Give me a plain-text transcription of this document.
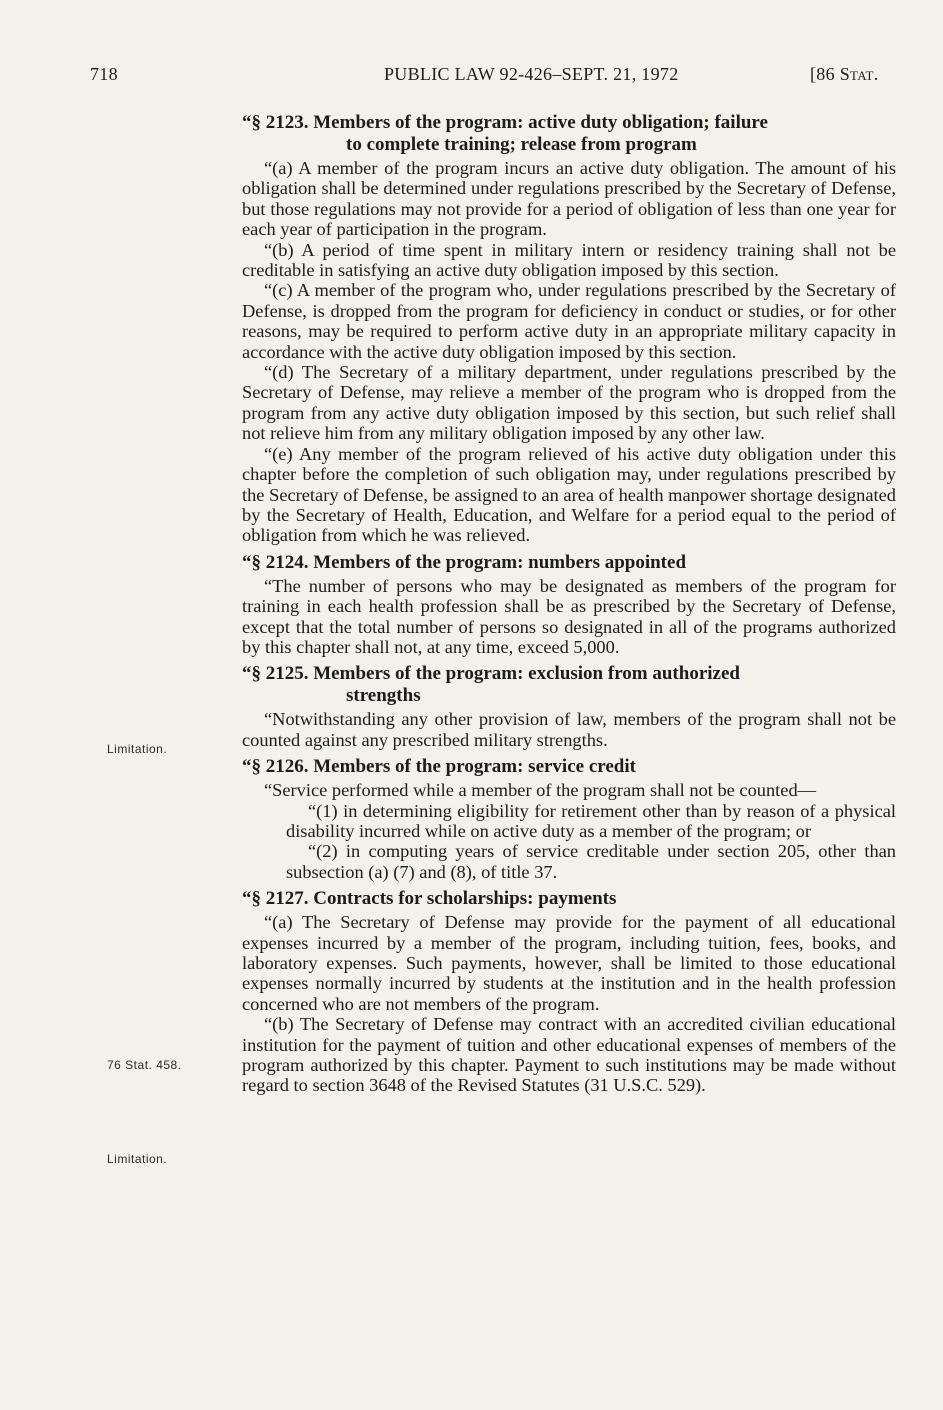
718	PUBLIC LAW 92-426–SEPT. 21, 1972	[86 Stat.
Limitation.
76 Stat. 458.
Limitation.
“§ 2123. Members of the program: active duty obligation; failure
to complete training; release from program

“(a) A member of the program incurs an active duty obligation. The amount of his obligation shall be determined under regulations prescribed by the Secretary of Defense, but those regulations may not provide for a period of obligation of less than one year for each year of participation in the program.

“(b) A period of time spent in military intern or residency training shall not be creditable in satisfying an active duty obligation imposed by this section.

“(c) A member of the program who, under regulations prescribed by the Secretary of Defense, is dropped from the program for deficiency in conduct or studies, or for other reasons, may be required to perform active duty in an appropriate military capacity in accordance with the active duty obligation imposed by this section.

“(d) The Secretary of a military department, under regulations prescribed by the Secretary of Defense, may relieve a member of the program who is dropped from the program from any active duty obligation imposed by this section, but such relief shall not relieve him from any military obligation imposed by any other law.

“(e) Any member of the program relieved of his active duty obligation under this chapter before the completion of such obligation may, under regulations prescribed by the Secretary of Defense, be assigned to an area of health manpower shortage designated by the Secretary of Health, Education, and Welfare for a period equal to the period of obligation from which he was relieved.

“§ 2124. Members of the program: numbers appointed

“The number of persons who may be designated as members of the program for training in each health profession shall be as prescribed by the Secretary of Defense, except that the total number of persons so designated in all of the programs authorized by this chapter shall not, at any time, exceed 5,000.

“§ 2125. Members of the program: exclusion from authorized
strengths

“Notwithstanding any other provision of law, members of the program shall not be counted against any prescribed military strengths.

“§ 2126. Members of the program: service credit

“Service performed while a member of the program shall not be counted—

“(1) in determining eligibility for retirement other than by reason of a physical disability incurred while on active duty as a member of the program; or

“(2) in computing years of service creditable under section 205, other than subsection (a) (7) and (8), of title 37.

“§ 2127. Contracts for scholarships: payments

“(a) The Secretary of Defense may provide for the payment of all educational expenses incurred by a member of the program, including tuition, fees, books, and laboratory expenses. Such payments, however, shall be limited to those educational expenses normally incurred by students at the institution and in the health profession concerned who are not members of the program.

“(b) The Secretary of Defense may contract with an accredited civilian educational institution for the payment of tuition and other educational expenses of members of the program authorized by this chapter. Payment to such institutions may be made without regard to section 3648 of the Revised Statutes (31 U.S.C. 529).
